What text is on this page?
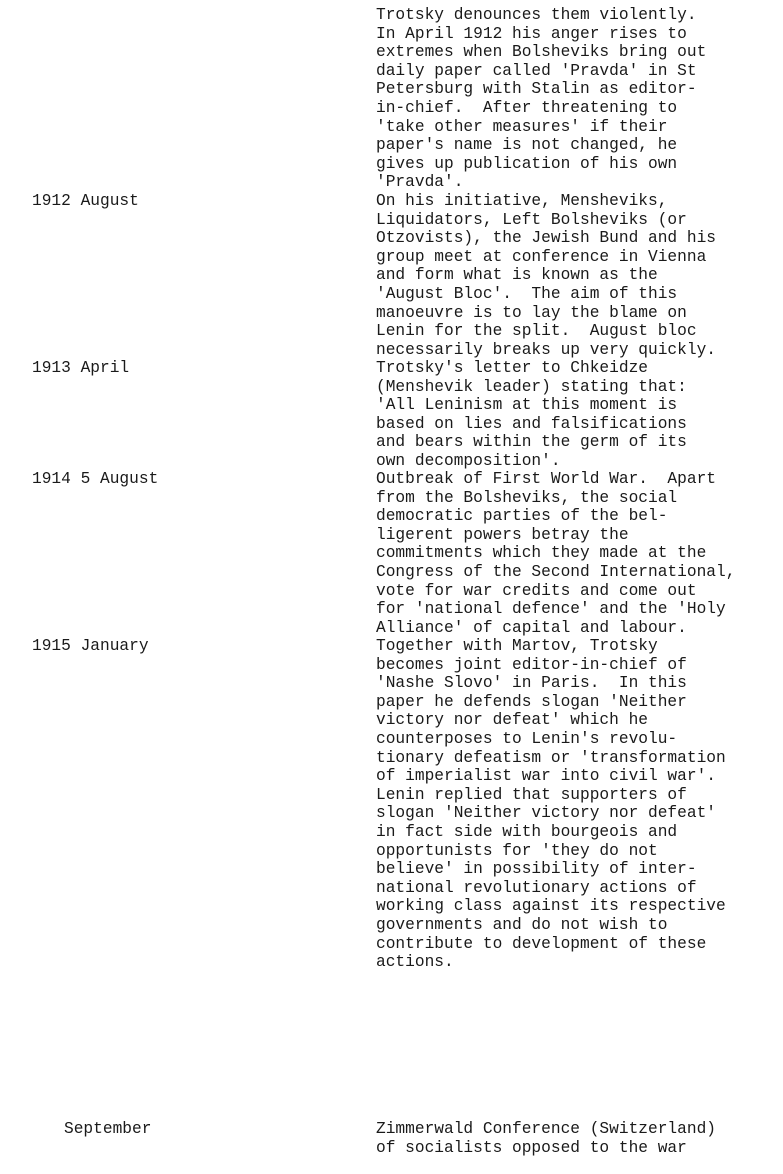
Trotsky denounces them violently.
In April 1912 his anger rises to
extremes when Bolsheviks bring out
daily paper called 'Pravda' in St
Petersburg with Stalin as editor-
in-chief.  After threatening to
'take other measures' if their
paper's name is not changed, he
gives up publication of his own
'Pravda'.
1912 August	On his initiative, Mensheviks,
Liquidators, Left Bolsheviks (or
Otzovists), the Jewish Bund and his
group meet at conference in Vienna
and form what is known as the
'August Bloc'.  The aim of this
manoeuvre is to lay the blame on
Lenin for the split.  August bloc
necessarily breaks up very quickly.
1913 April	Trotsky's letter to Chkeidze
(Menshevik leader) stating that:
'All Leninism at this moment is
based on lies and falsifications
and bears within the germ of its
own decomposition'.
1914 5 August	Outbreak of First World War.  Apart
from the Bolsheviks, the social
democratic parties of the bel-
ligerent powers betray the
commitments which they made at the
Congress of the Second International,
vote for war credits and come out
for 'national defence' and the 'Holy
Alliance' of capital and labour.
1915 January	Together with Martov, Trotsky
becomes joint editor-in-chief of
'Nashe Slovo' in Paris.  In this
paper he defends slogan 'Neither
victory nor defeat' which he
counterposes to Lenin's revolu-
tionary defeatism or 'transformation
of imperialist war into civil war'.
Lenin replied that supporters of
slogan 'Neither victory nor defeat'
in fact side with bourgeois and
opportunists for 'they do not
believe' in possibility of inter-
national revolutionary actions of
working class against its respective
governments and do not wish to
contribute to development of these
actions.
September	Zimmerwald Conference (Switzerland)
of socialists opposed to the war
